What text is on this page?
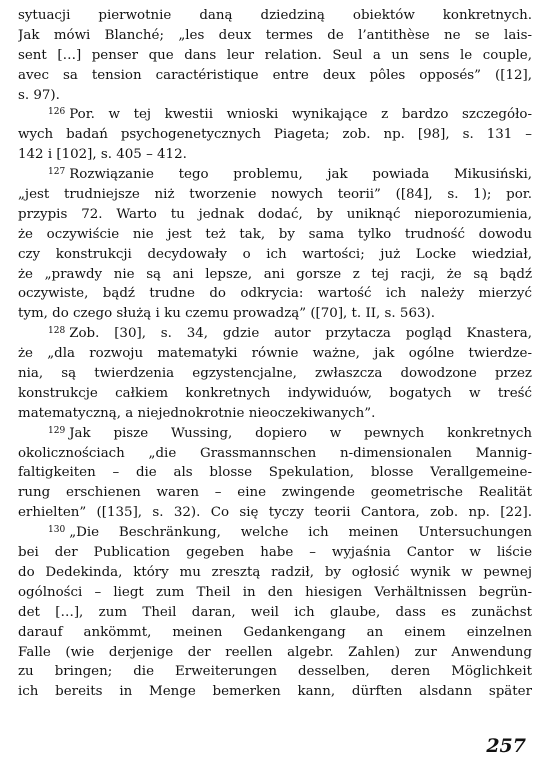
sytuacji pierwotnie daną dziedziną obiektów konkretnych.
Jak mówi Blanché; „les deux termes de l’antithèse ne se lais-
sent […] penser que dans leur relation. Seul a un sens le couple,
avec sa tension caractéristique entre deux pôles opposés” ([12],
s. 97).
$^{126}$ Por. w tej kwestii wnioski wynikające z bardzo szczegóło-
wych badań psychogenetycznych Piageta; zob. np. [98], s. 131 –
142 i [102], s. 405 – 412.
$^{127}$ Rozwiązanie tego problemu, jak powiada Mikusiński,
„jest trudniejsze niż tworzenie nowych teorii” ([84], s. 1); por.
przypis 72. Warto tu jednak dodać, by uniknąć nieporozumienia,
że oczywiście nie jest też tak, by sama tylko trudność dowodu
czy konstrukcji decydowały o ich wartości; już Locke wiedział,
że „prawdy nie są ani lepsze, ani gorsze z tej racji, że są bądź
oczywiste, bądź trudne do odkrycia: wartość ich należy mierzyć
tym, do czego służą i ku czemu prowadzą” ([70], t. II, s. 563).
$^{128}$ Zob. [30], s. 34, gdzie autor przytacza pogląd Knastera,
że „dla rozwoju matematyki równie ważne, jak ogólne twierdze-
nia, są twierdzenia egzystencjalne, zwłaszcza dowodzone przez
konstrukcje całkiem konkretnych indywiduów, bogatych w treść
matematyczną, a niejednokrotnie nieoczekiwanych”.
$^{129}$ Jak pisze Wussing, dopiero w pewnych konkretnych
okolicznościach „die Grassmannschen n-dimensionalen Mannig-
faltigkeiten – die als blosse Spekulation, blosse Verallgemeine-
rung erschienen waren – eine zwingende geometrische Realität
erhielten” ([135], s. 32). Co się tyczy teorii Cantora, zob. np. [22].
$^{130}$ „Die Beschränkung, welche ich meinen Untersuchungen
bei der Publication gegeben habe – wyjaśnia Cantor w liście
do Dedekinda, który mu zresztą radził, by ogłosić wynik w pewnej
ogólności – liegt zum Theil in den hiesigen Verhältnissen begrün-
det […], zum Theil daran, weil ich glaube, dass es zunächst
darauf ankömmt, meinen Gedankengang an einem einzelnen
Falle (wie derjenige der reellen algebr. Zahlen) zur Anwendung
zu bringen; die Erweiterungen desselben, deren Möglichkeit
ich bereits in Menge bemerken kann, dürften alsdann später
257
